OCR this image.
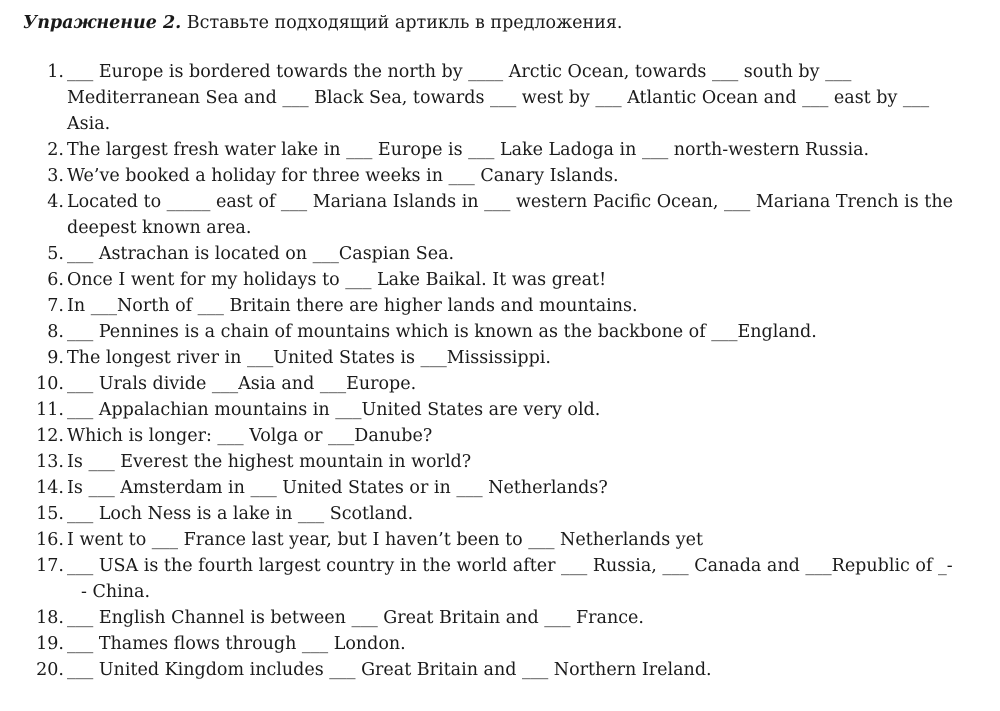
Упражнение 2. Вставьте подходящий артикль в предложения.
1. ___ Europe is bordered towards the north by ____ Arctic Ocean, towards ___ south by ___
Mediterranean Sea and ___ Black Sea, towards ___ west by ___ Atlantic Ocean and ___ east by ___
Asia.
2. The largest fresh water lake in ___ Europe is ___ Lake Ladoga in ___ north-western Russia.
3. We’ve booked a holiday for three weeks in ___ Canary Islands.
4. Located to _____ east of ___ Mariana Islands in ___ western Pacific Ocean, ___ Mariana Trench is the
deepest known area.
5. ___ Astrachan is located on ___Caspian Sea.
6. Once I went for my holidays to ___ Lake Baikal. It was great!
7. In ___North of ___ Britain there are higher lands and mountains.
8. ___ Pennines is a chain of mountains which is known as the backbone of ___England.
9. The longest river in ___United States is ___Mississippi.
10. ___ Urals divide ___Asia and ___Europe.
11. ___ Appalachian mountains in ___United States are very old.
12. Which is longer: ___ Volga or ___Danube?
13. Is ___ Everest the highest mountain in world?
14. Is ___ Amsterdam in ___ United States or in ___ Netherlands?
15. ___ Loch Ness is a lake in ___ Scotland.
16. I went to ___ France last year, but I haven’t been to ___ Netherlands yet
17. ___ USA is the fourth largest country in the world after ___ Russia, ___ Canada and ___Republic of _-
- China.
18. ___ English Channel is between ___ Great Britain and ___ France.
19. ___ Thames flows through ___ London.
20. ___ United Kingdom includes ___ Great Britain and ___ Northern Ireland.
